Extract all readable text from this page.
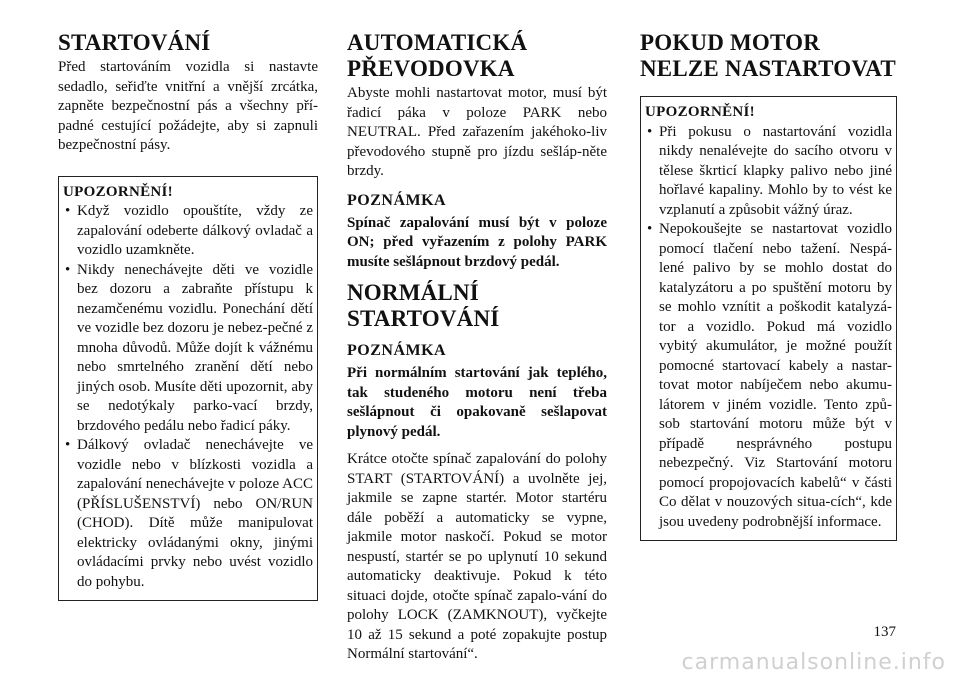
STARTOVÁNÍ

Před startováním vozidla si nastavte sedadlo, seřiďte vnitřní a vnější zrcátka, zapněte bezpečnostní pás a všechny pří-padné cestující požádejte, aby si zapnuli bezpečnostní pásy.

UPOZORNĚNÍ!
• Když vozidlo opouštíte, vždy ze zapalování odeberte dálkový ovladač a vozidlo uzamkněte.
• Nikdy nenechávejte děti ve vozidle bez dozoru a zabraňte přístupu k nezamčenému vozidlu. Ponechání dětí ve vozidle bez dozoru je nebez-pečné z mnoha důvodů. Může dojít k vážnému nebo smrtelného zranění dětí nebo jiných osob. Musíte děti upozornit, aby se nedotýkaly parko-vací brzdy, brzdového pedálu nebo řadicí páky.
• Dálkový ovladač nenechávejte ve vozidle nebo v blízkosti vozidla a zapalování nenechávejte v poloze ACC (PŘÍSLUŠENSTVÍ) nebo ON/RUN (CHOD). Dítě může manipulovat elektricky ovládanými okny, jinými ovládacími prvky nebo uvést vozidlo do pohybu.
AUTOMATICKÁ PŘEVODOVKA

Abyste mohli nastartovat motor, musí být řadicí páka v poloze PARK nebo NEUTRAL. Před zařazením jakéhoko-liv převodového stupně pro jízdu sešláp-něte brzdy.

POZNÁMKA

Spínač zapalování musí být v poloze ON; před vyřazením z polohy PARK musíte sešlápnout brzdový pedál.

NORMÁLNÍ STARTOVÁNÍ
POZNÁMKA

Při normálním startování jak teplého, tak studeného motoru není třeba sešlápnout či opakovaně sešlapovat plynový pedál.

Krátce otočte spínač zapalování do polohy START (STARTOVÁNÍ) a uvolněte jej, jakmile se zapne startér. Motor startéru dále poběží a automaticky se vypne, jakmile motor naskočí. Pokud se motor nespustí, startér se po uplynutí 10 sekund automaticky deaktivuje. Pokud k této situaci dojde, otočte spínač zapalo-vání do polohy LOCK (ZAMKNOUT), vyčkejte 10 až 15 sekund a poté zopakujte postup Normální startování“.

POKUD MOTOR NELZE NASTARTOVAT
UPOZORNĚNÍ!
• Při pokusu o nastartování vozidla nikdy nenalévejte do sacího otvoru v tělese škrticí klapky palivo nebo jiné hořlavé kapaliny. Mohlo by to vést ke vzplanutí a způsobit vážný úraz.
• Nepokoušejte se nastartovat vozidlo pomocí tlačení nebo tažení. Nespá-lené palivo by se mohlo dostat do katalyzátoru a po spuštění motoru by se mohlo vznítit a poškodit katalyzá-tor a vozidlo. Pokud má vozidlo vybitý akumulátor, je možné použít pomocné startovací kabely a nastar-tovat motor nabíječem nebo akumu-látorem v jiném vozidle. Tento způ-sob startování motoru může být v případě nesprávného postupu nebezpečný. Viz Startování motoru pomocí propojovacích kabelů“ v části Co dělat v nouzových situa-cích“, kde jsou uvedeny podrobnější informace.
137
carmanualsonline.info
